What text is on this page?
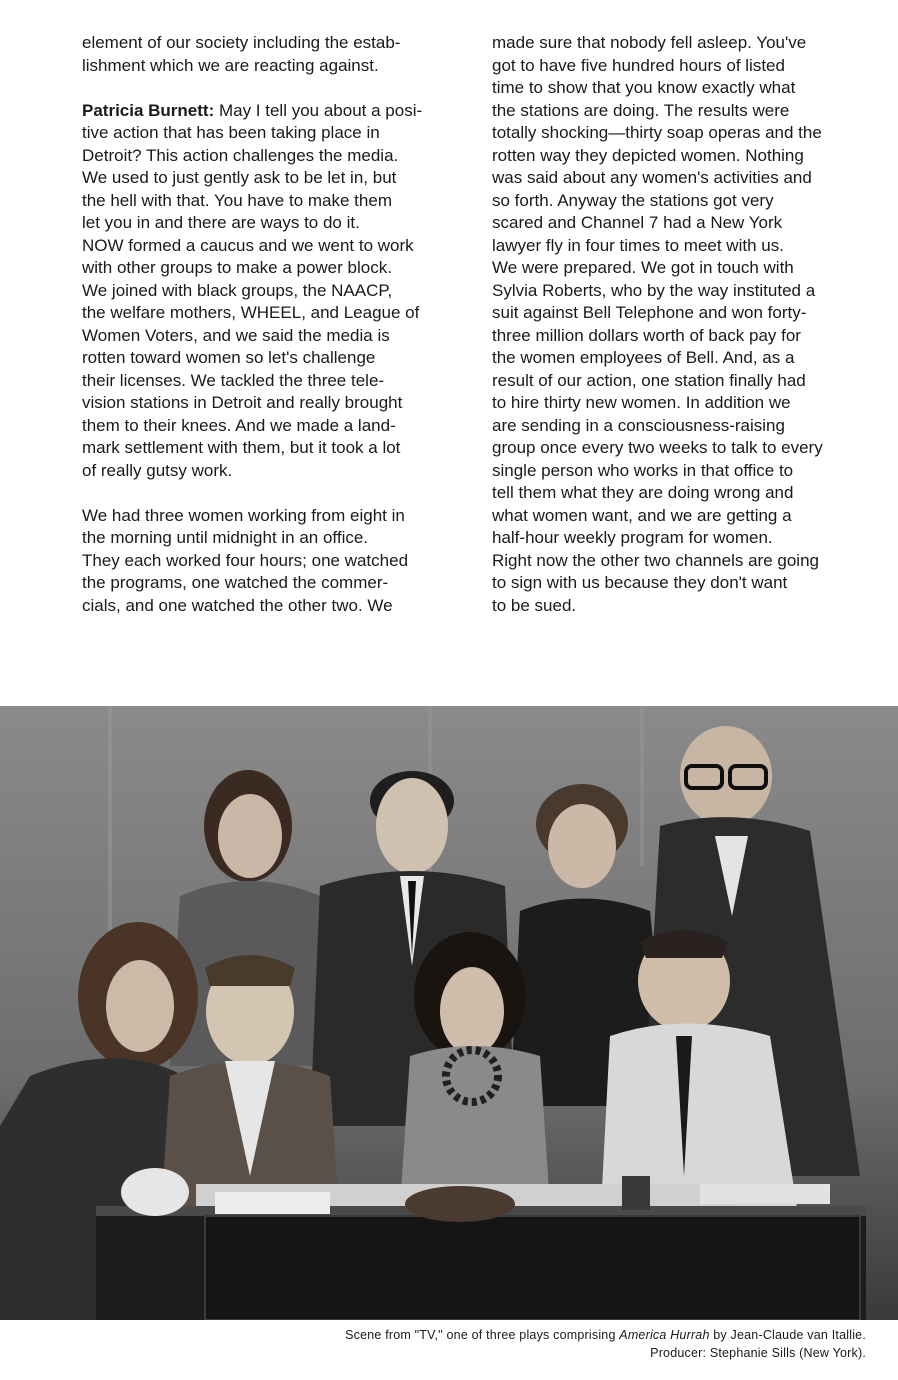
element of our society including the estab-
lishment which we are reacting against.

Patricia Burnett: May I tell you about a posi-
tive action that has been taking place in
Detroit? This action challenges the media.
We used to just gently ask to be let in, but
the hell with that. You have to make them
let you in and there are ways to do it.
NOW formed a caucus and we went to work
with other groups to make a power block.
We joined with black groups, the NAACP,
the welfare mothers, WHEEL, and League of
Women Voters, and we said the media is
rotten toward women so let's challenge
their licenses. We tackled the three tele-
vision stations in Detroit and really brought
them to their knees. And we made a land-
mark settlement with them, but it took a lot
of really gutsy work.

We had three women working from eight in
the morning until midnight in an office.
They each worked four hours; one watched
the programs, one watched the commer-
cials, and one watched the other two. We

made sure that nobody fell asleep. You've
got to have five hundred hours of listed
time to show that you know exactly what
the stations are doing. The results were
totally shocking—thirty soap operas and the
rotten way they depicted women. Nothing
was said about any women's activities and
so forth. Anyway the stations got very
scared and Channel 7 had a New York
lawyer fly in four times to meet with us.
We were prepared. We got in touch with
Sylvia Roberts, who by the way instituted a
suit against Bell Telephone and won forty-
three million dollars worth of back pay for
the women employees of Bell. And, as a
result of our action, one station finally had
to hire thirty new women. In addition we
are sending in a consciousness-raising
group once every two weeks to talk to every
single person who works in that office to
tell them what they are doing wrong and
what women want, and we are getting a
half-hour weekly program for women.
Right now the other two channels are going
to sign with us because they don't want
to be sued.

Scene from "TV," one of three plays comprising America Hurrah by Jean-Claude van Itallie.
Producer: Stephanie Sills (New York).
